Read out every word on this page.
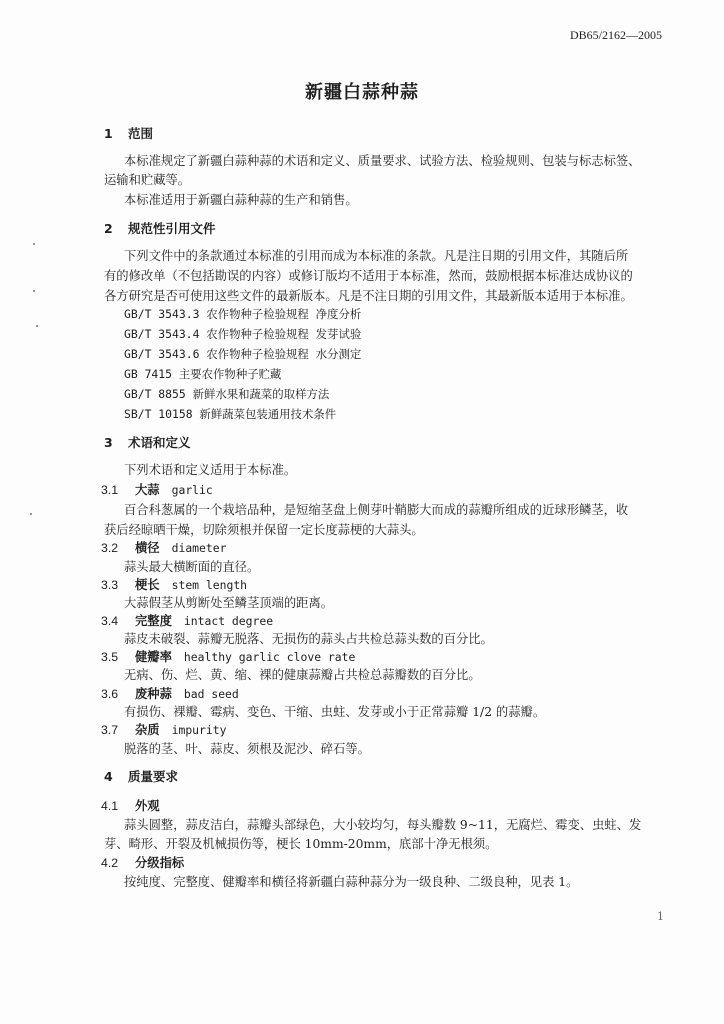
DB65/2162—2005
新疆白蒜种蒜
1 范围
本标准规定了新疆白蒜种蒜的术语和定义、质量要求、试验方法、检验规则、包装与标志标签、
运输和贮藏等。
本标准适用于新疆白蒜种蒜的生产和销售。
2 规范性引用文件
下列文件中的条款通过本标准的引用而成为本标准的条款。凡是注日期的引用文件，其随后所
有的修改单（不包括勘误的内容）或修订版均不适用于本标准，然而，鼓励根据本标准达成协议的
各方研究是否可使用这些文件的最新版本。凡是不注日期的引用文件，其最新版本适用于本标准。
GB/T 3543.3 农作物种子检验规程 净度分析
GB/T 3543.4 农作物种子检验规程 发芽试验
GB/T 3543.6 农作物种子检验规程 水分测定
GB 7415 主要农作物种子贮藏
GB/T 8855 新鲜水果和蔬菜的取样方法
SB/T 10158 新鲜蔬菜包装通用技术条件
3 术语和定义
下列术语和定义适用于本标准。
3.1 大蒜 garlic
百合科葱属的一个栽培品种，是短缩茎盘上侧芽叶鞘膨大而成的蒜瓣所组成的近球形鳞茎，收
获后经晾晒干燥，切除须根并保留一定长度蒜梗的大蒜头。
3.2 横径 diameter
蒜头最大横断面的直径。
3.3 梗长 stem length
大蒜假茎从剪断处至鳞茎顶端的距离。
3.4 完整度 intact degree
蒜皮未破裂、蒜瓣无脱落、无损伤的蒜头占共检总蒜头数的百分比。
3.5 健瓣率 healthy garlic clove rate
无病、伤、烂、黄、缩、裸的健康蒜瓣占共检总蒜瓣数的百分比。
3.6 废种蒜 bad seed
有损伤、裸瓣、霉病、变色、干缩、虫蛀、发芽或小于正常蒜瓣 1/2 的蒜瓣。
3.7 杂质 impurity
脱落的茎、叶、蒜皮、须根及泥沙、碎石等。
4 质量要求
4.1 外观
蒜头圆整，蒜皮洁白，蒜瓣头部绿色，大小较均匀，每头瓣数 9~11，无腐烂、霉变、虫蛀、发
芽、畸形、开裂及机械损伤等，梗长 10mm-20mm，底部十净无根须。
4.2 分级指标
按纯度、完整度、健瓣率和横径将新疆白蒜种蒜分为一级良种、二级良种，见表 1。
1
